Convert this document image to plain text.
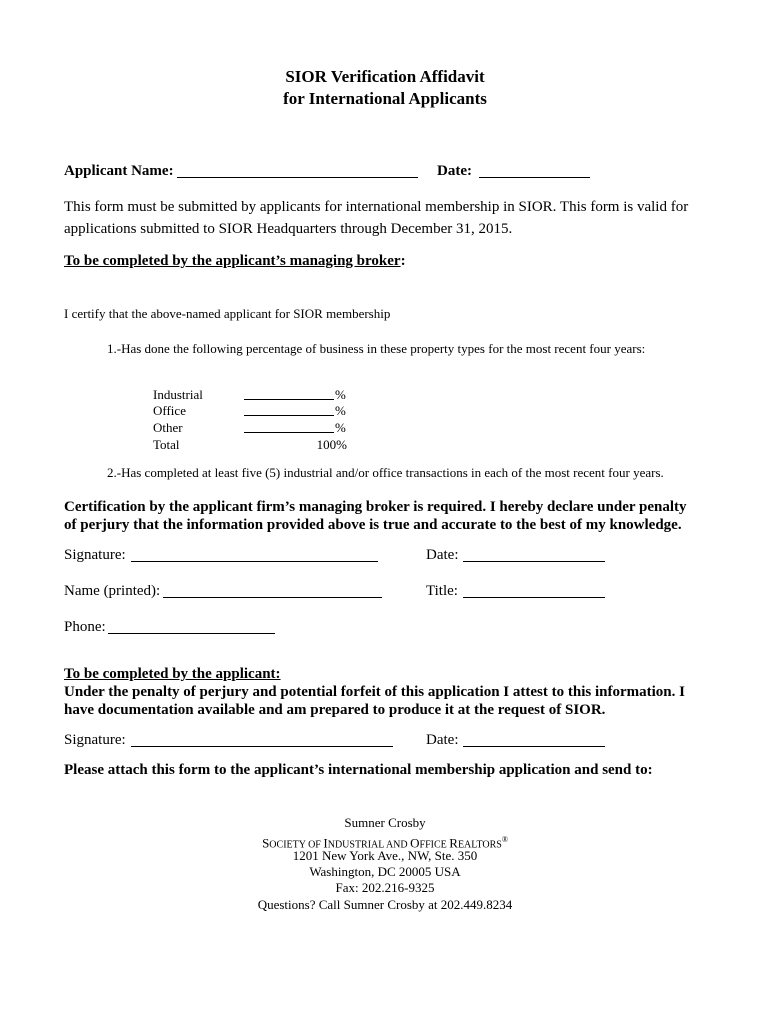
SIOR Verification Affidavit
for International Applicants
Applicant Name:	Date:
This form must be submitted by applicants for international membership in SIOR. This form is valid for
applications submitted to SIOR Headquarters through December 31, 2015.
To be completed by the applicant’s managing broker:
I certify that the above-named applicant for SIOR membership
1.-Has done the following percentage of business in these property types for the most recent four years:
Industrial	%
Office	%
Other	%
Total	100%
2.-Has completed at least five (5) industrial and/or office transactions in each of the most recent four years.
Certification by the applicant firm’s managing broker is required. I hereby declare under penalty
of perjury that the information provided above is true and accurate to the best of my knowledge.
Signature:	Date:
Name (printed):	Title:
Phone:
To be completed by the applicant:
Under the penalty of perjury and potential forfeit of this application I attest to this information. I
have documentation available and am prepared to produce it at the request of SIOR.
Signature:	Date:
Please attach this form to the applicant’s international membership application and send to:
Sumner Crosby
SOCIETY OF INDUSTRIAL AND OFFICE REALTORS®
1201 New York Ave., NW, Ste. 350
Washington, DC 20005 USA
Fax: 202.216-9325
Questions? Call Sumner Crosby at 202.449.8234
